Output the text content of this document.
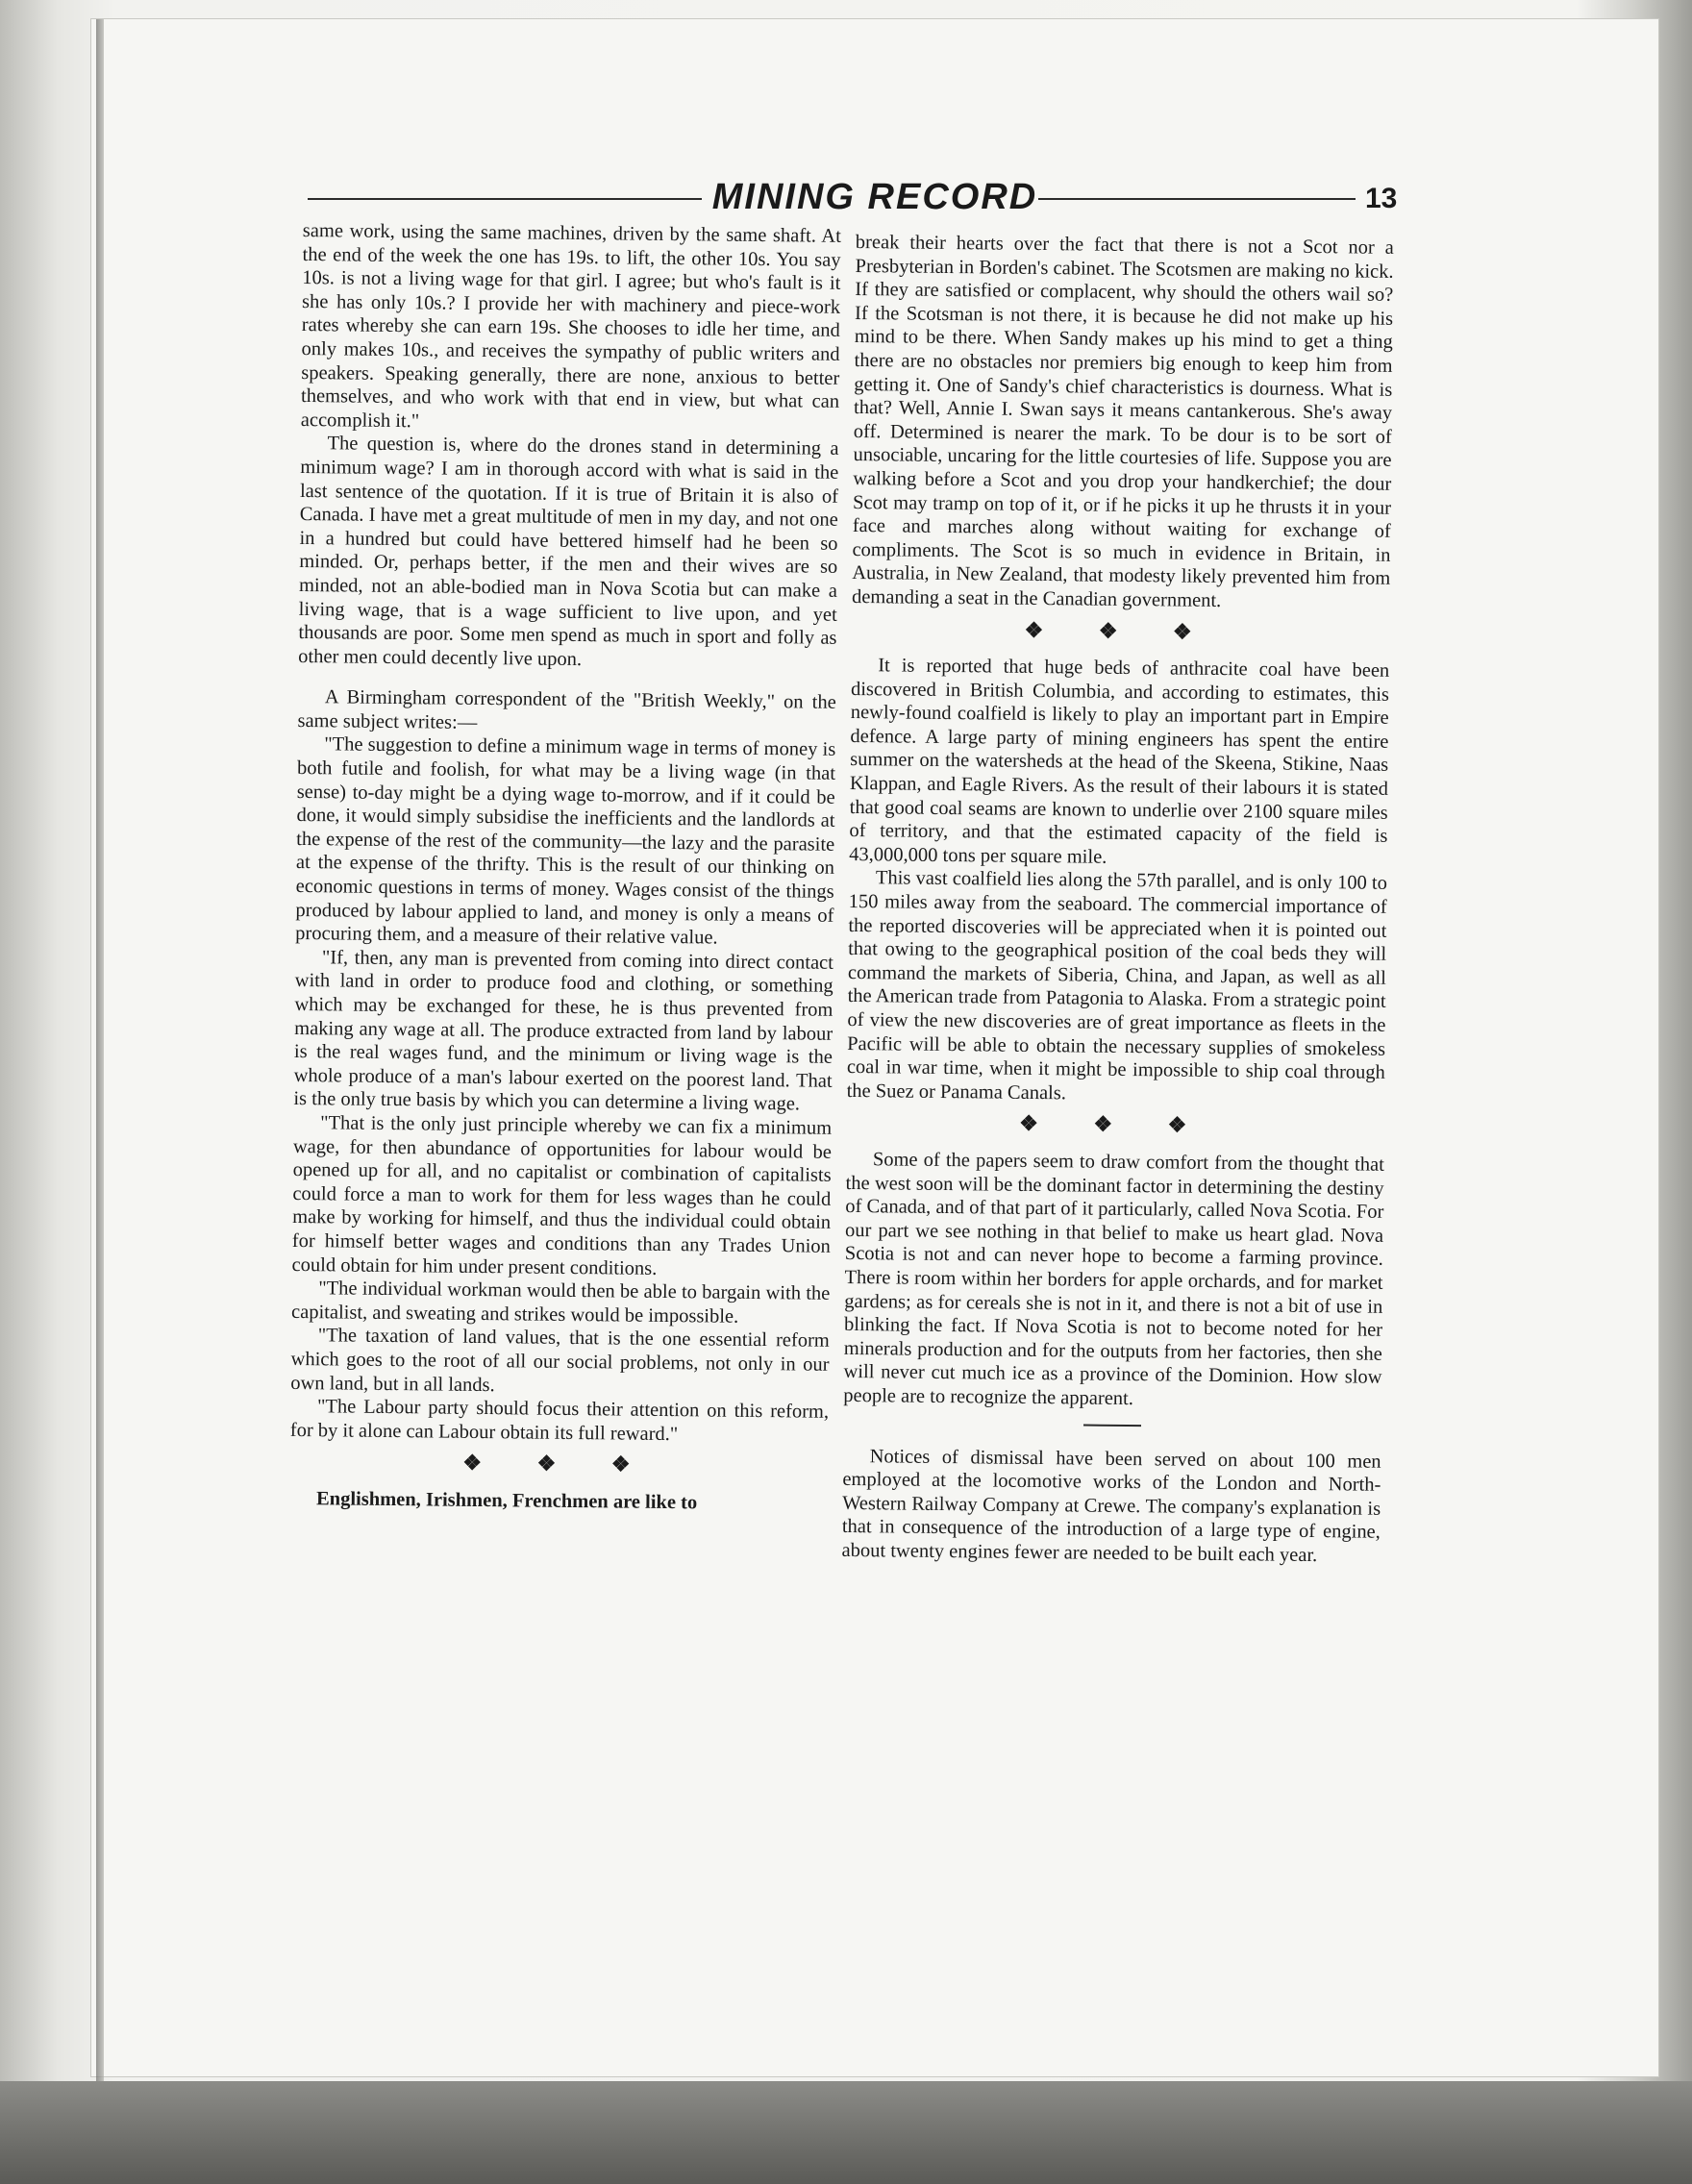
MINING RECORD	13

same work, using the same machines, driven by the same shaft. At the end of the week the one has 19s. to lift, the other 10s. You say 10s. is not a living wage for that girl. I agree; but who's fault is it she has only 10s.? I provide her with machinery and piece-work rates whereby she can earn 19s. She chooses to idle her time, and only makes 10s., and receives the sympathy of public writers and speakers. Speaking generally, there are none, anxious to better themselves, and who work with that end in view, but what can accomplish it."

The question is, where do the drones stand in determining a minimum wage? I am in thorough accord with what is said in the last sentence of the quotation. If it is true of Britain it is also of Canada. I have met a great multitude of men in my day, and not one in a hundred but could have bettered himself had he been so minded. Or, perhaps better, if the men and their wives are so minded, not an able-bodied man in Nova Scotia but can make a living wage, that is a wage sufficient to live upon, and yet thousands are poor. Some men spend as much in sport and folly as other men could decently live upon.

A Birmingham correspondent of the "British Weekly," on the same subject writes:—

"The suggestion to define a minimum wage in terms of money is both futile and foolish, for what may be a living wage (in that sense) to-day might be a dying wage to-morrow, and if it could be done, it would simply subsidise the inefficients and the landlords at the expense of the rest of the community—the lazy and the parasite at the expense of the thrifty. This is the result of our thinking on economic questions in terms of money. Wages consist of the things produced by labour applied to land, and money is only a means of procuring them, and a measure of their relative value.

"If, then, any man is prevented from coming into direct contact with land in order to produce food and clothing, or something which may be exchanged for these, he is thus prevented from making any wage at all. The produce extracted from land by labour is the real wages fund, and the minimum or living wage is the whole produce of a man's labour exerted on the poorest land. That is the only true basis by which you can determine a living wage.

"That is the only just principle whereby we can fix a minimum wage, for then abundance of opportunities for labour would be opened up for all, and no capitalist or combination of capitalists could force a man to work for them for less wages than he could make by working for himself, and thus the individual could obtain for himself better wages and conditions than any Trades Union could obtain for him under present conditions.

"The individual workman would then be able to bargain with the capitalist, and sweating and strikes would be impossible.

"The taxation of land values, that is the one essential reform which goes to the root of all our social problems, not only in our own land, but in all lands.

"The Labour party should focus their attention on this reform, for by it alone can Labour obtain its full reward."

❖ ❖ ❖

Englishmen, Irishmen, Frenchmen are like to

break their hearts over the fact that there is not a Scot nor a Presbyterian in Borden's cabinet. The Scotsmen are making no kick. If they are satisfied or complacent, why should the others wail so? If the Scotsman is not there, it is because he did not make up his mind to be there. When Sandy makes up his mind to get a thing there are no obstacles nor premiers big enough to keep him from getting it. One of Sandy's chief characteristics is dourness. What is that? Well, Annie I. Swan says it means cantankerous. She's away off. Determined is nearer the mark. To be dour is to be sort of unsociable, uncaring for the little courtesies of life. Suppose you are walking before a Scot and you drop your handkerchief; the dour Scot may tramp on top of it, or if he picks it up he thrusts it in your face and marches along without waiting for exchange of compliments. The Scot is so much in evidence in Britain, in Australia, in New Zealand, that modesty likely prevented him from demanding a seat in the Canadian government.

❖ ❖ ❖

It is reported that huge beds of anthracite coal have been discovered in British Columbia, and according to estimates, this newly-found coalfield is likely to play an important part in Empire defence. A large party of mining engineers has spent the entire summer on the watersheds at the head of the Skeena, Stikine, Naas Klappan, and Eagle Rivers. As the result of their labours it is stated that good coal seams are known to underlie over 2100 square miles of territory, and that the estimated capacity of the field is 43,000,000 tons per square mile.

This vast coalfield lies along the 57th parallel, and is only 100 to 150 miles away from the seaboard. The commercial importance of the reported discoveries will be appreciated when it is pointed out that owing to the geographical position of the coal beds they will command the markets of Siberia, China, and Japan, as well as all the American trade from Patagonia to Alaska. From a strategic point of view the new discoveries are of great importance as fleets in the Pacific will be able to obtain the necessary supplies of smokeless coal in war time, when it might be impossible to ship coal through the Suez or Panama Canals.

❖ ❖ ❖

Some of the papers seem to draw comfort from the thought that the west soon will be the dominant factor in determining the destiny of Canada, and of that part of it particularly, called Nova Scotia. For our part we see nothing in that belief to make us heart glad. Nova Scotia is not and can never hope to become a farming province. There is room within her borders for apple orchards, and for market gardens; as for cereals she is not in it, and there is not a bit of use in blinking the fact. If Nova Scotia is not to become noted for her minerals production and for the outputs from her factories, then she will never cut much ice as a province of the Dominion. How slow people are to recognize the apparent.

Notices of dismissal have been served on about 100 men employed at the locomotive works of the London and North-Western Railway Company at Crewe. The company's explanation is that in consequence of the introduction of a large type of engine, about twenty engines fewer are needed to be built each year.
